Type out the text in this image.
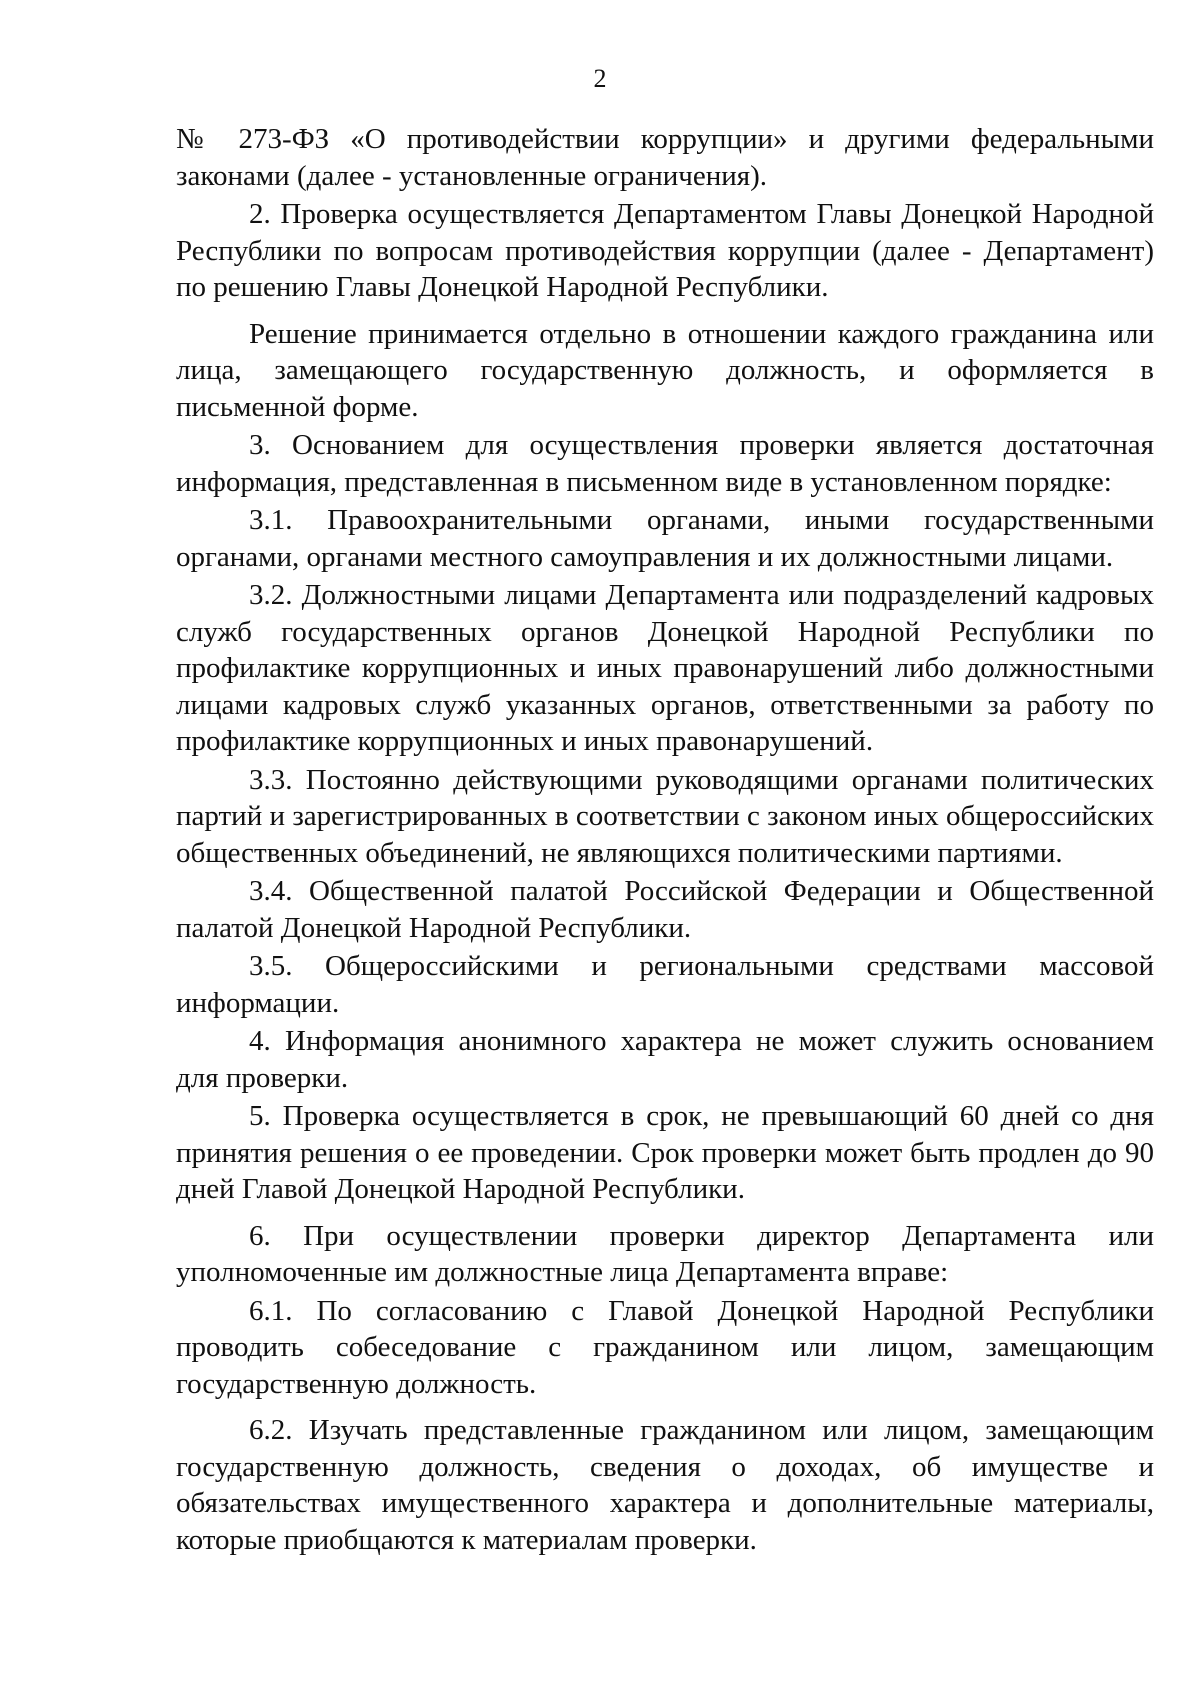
2

№ 273-ФЗ «О противодействии коррупции» и другими федеральными законами (далее - установленные ограничения).

2. Проверка осуществляется Департаментом Главы Донецкой Народной Республики по вопросам противодействия коррупции (далее - Департамент) по решению Главы Донецкой Народной Республики.

Решение принимается отдельно в отношении каждого гражданина или лица, замещающего государственную должность, и оформляется в письменной форме.

3. Основанием для осуществления проверки является достаточная информация, представленная в письменном виде в установленном порядке:

3.1. Правоохранительными органами, иными государственными органами, органами местного самоуправления и их должностными лицами.

3.2. Должностными лицами Департамента или подразделений кадровых служб государственных органов Донецкой Народной Республики по профилактике коррупционных и иных правонарушений либо должностными лицами кадровых служб указанных органов, ответственными за работу по профилактике коррупционных и иных правонарушений.

3.3. Постоянно действующими руководящими органами политических партий и зарегистрированных в соответствии с законом иных общероссийских общественных объединений, не являющихся политическими партиями.

3.4. Общественной палатой Российской Федерации и Общественной палатой Донецкой Народной Республики.

3.5. Общероссийскими и региональными средствами массовой информации.

4. Информация анонимного характера не может служить основанием для проверки.

5. Проверка осуществляется в срок, не превышающий 60 дней со дня принятия решения о ее проведении. Срок проверки может быть продлен до 90 дней Главой Донецкой Народной Республики.

6. При осуществлении проверки директор Департамента или уполномоченные им должностные лица Департамента вправе:

6.1. По согласованию с Главой Донецкой Народной Республики проводить собеседование с гражданином или лицом, замещающим государственную должность.

6.2. Изучать представленные гражданином или лицом, замещающим государственную должность, сведения о доходах, об имуществе и обязательствах имущественного характера и дополнительные материалы, которые приобщаются к материалам проверки.
